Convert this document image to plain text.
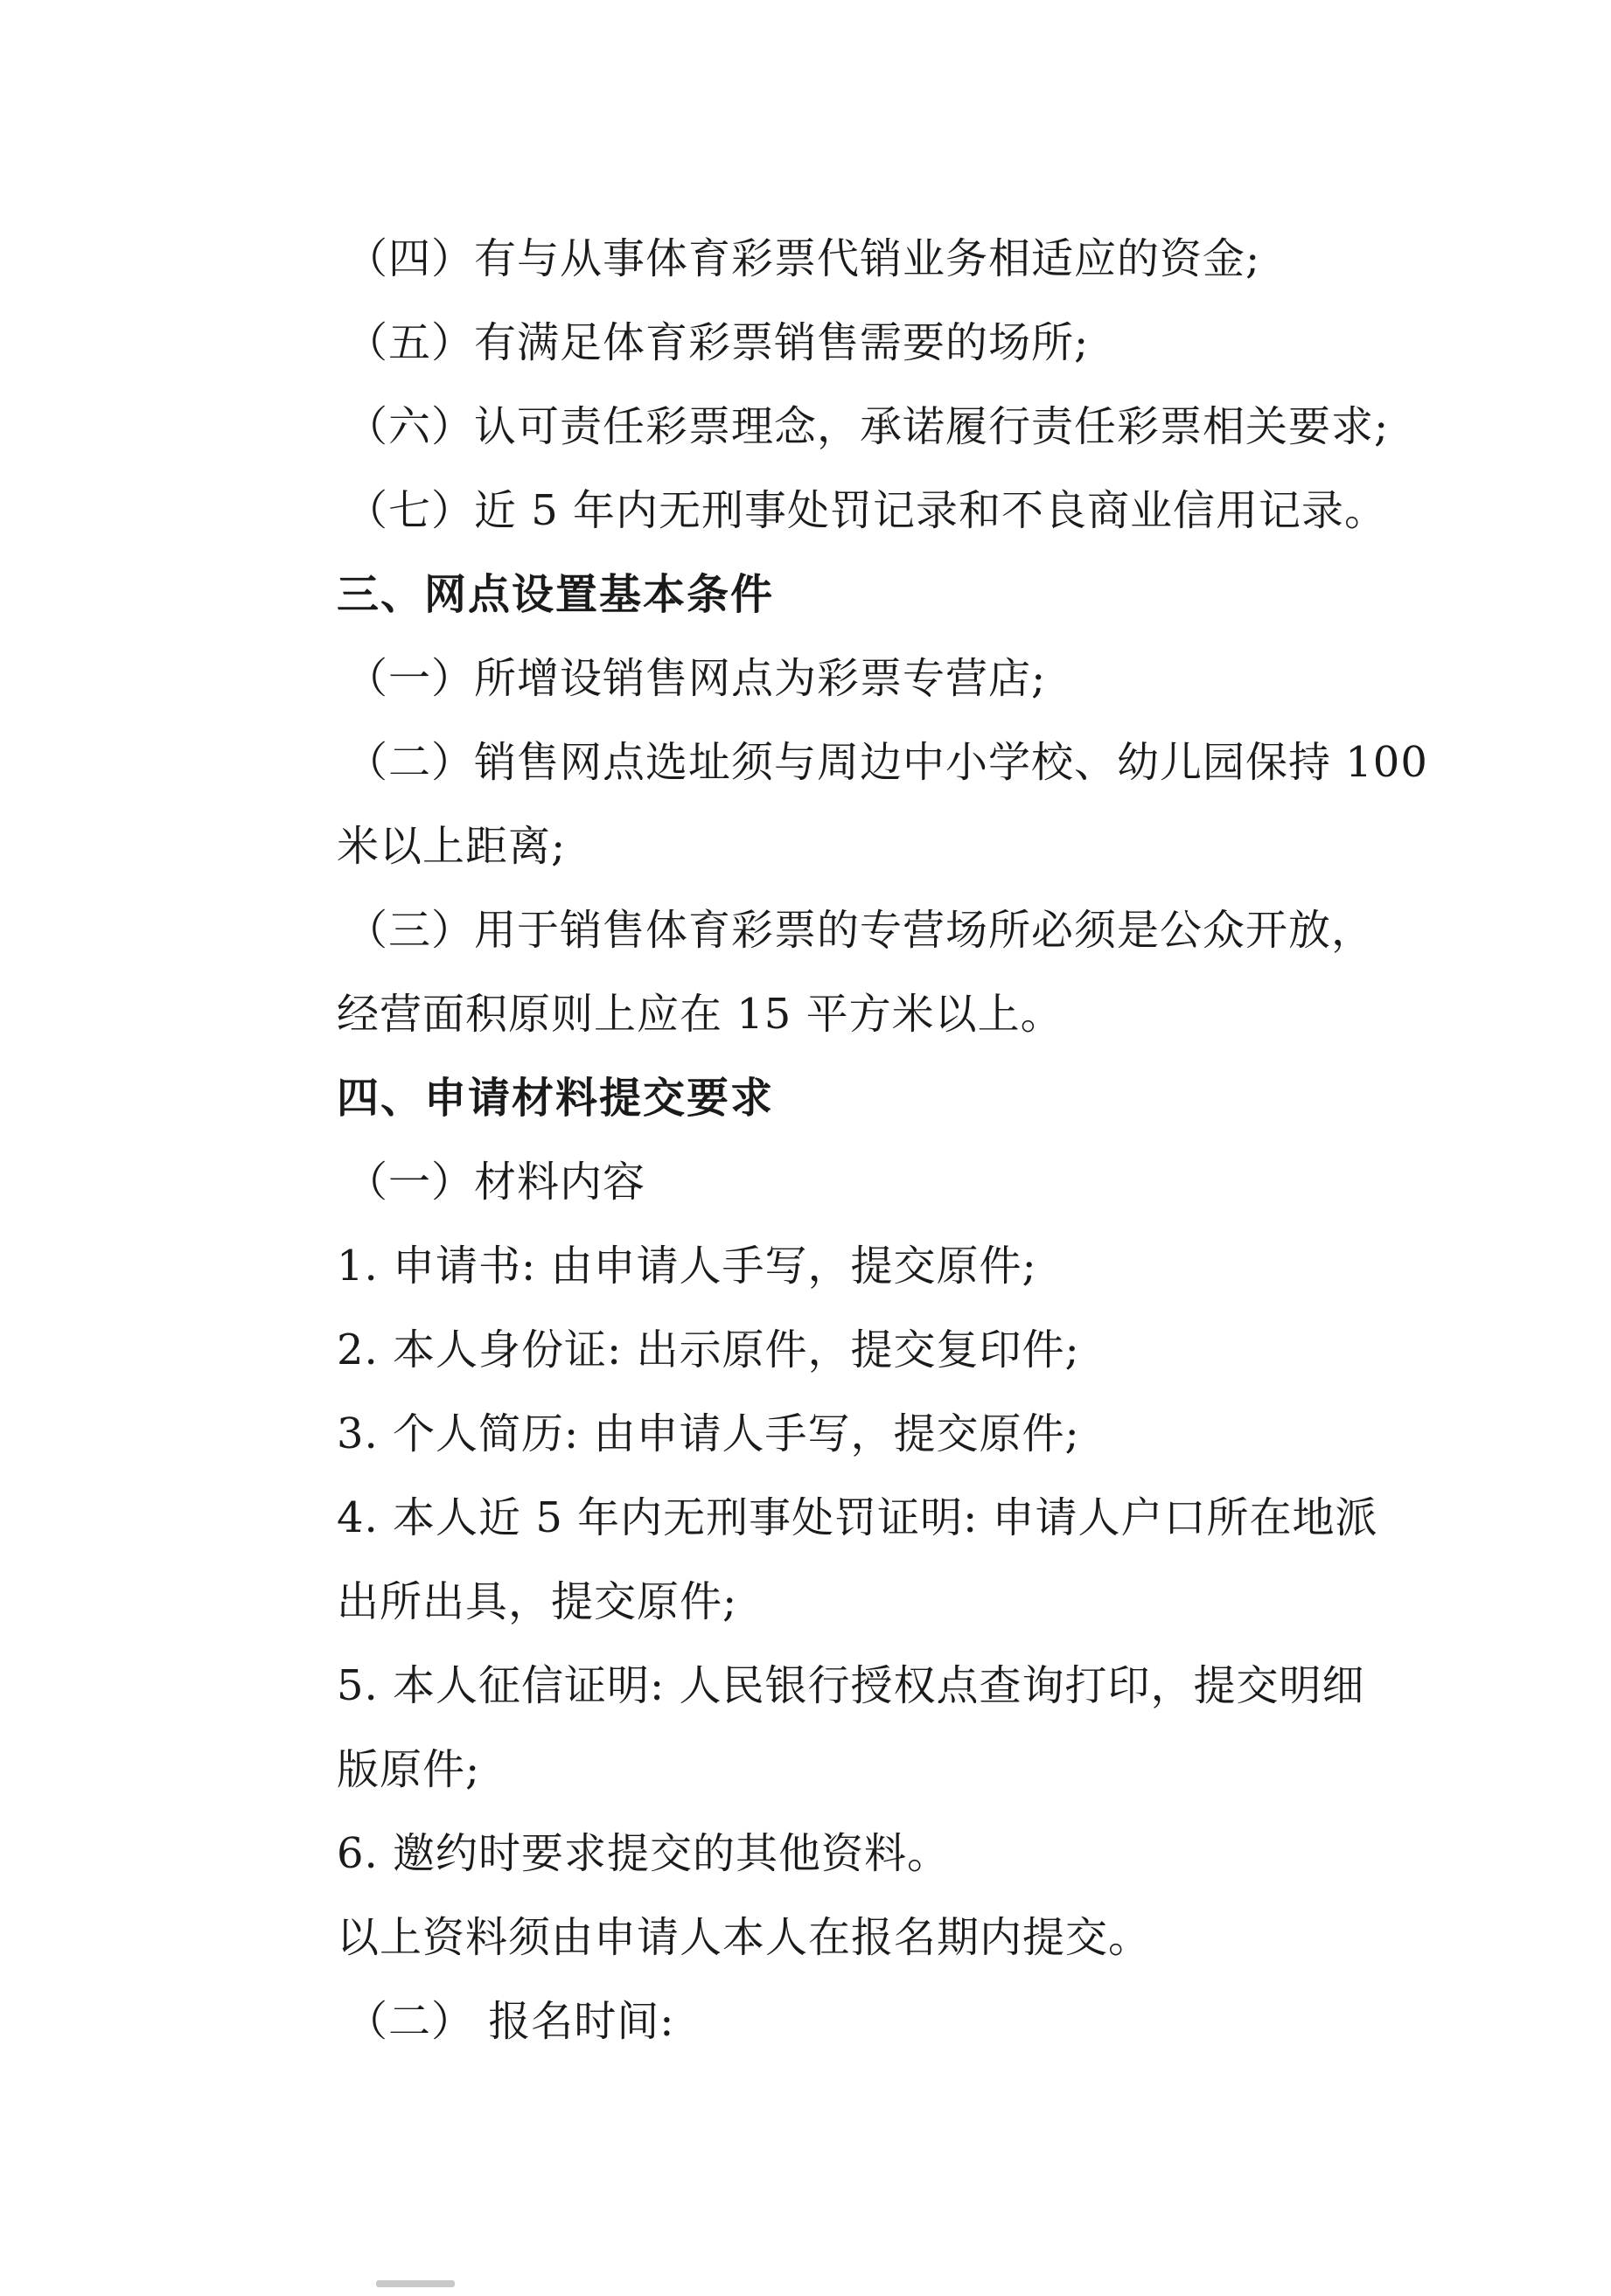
（四）有与从事体育彩票代销业务相适应的资金;
（五）有满足体育彩票销售需要的场所;
（六）认可责任彩票理念，承诺履行责任彩票相关要求;
（七）近 5 年内无刑事处罚记录和不良商业信用记录。
三、网点设置基本条件
（一）所增设销售网点为彩票专营店;
（二）销售网点选址须与周边中小学校、幼儿园保持 100
米以上距离;
（三）用于销售体育彩票的专营场所必须是公众开放，
经营面积原则上应在 15 平方米以上。
四、申请材料提交要求
（一）材料内容
1. 申请书: 由申请人手写，提交原件;
2. 本人身份证: 出示原件，提交复印件;
3. 个人简历: 由申请人手写，提交原件;
4. 本人近 5 年内无刑事处罚证明: 申请人户口所在地派
出所出具，提交原件;
5. 本人征信证明: 人民银行授权点查询打印，提交明细
版原件;
6. 邀约时要求提交的其他资料。
以上资料须由申请人本人在报名期内提交。
（二） 报名时间:
